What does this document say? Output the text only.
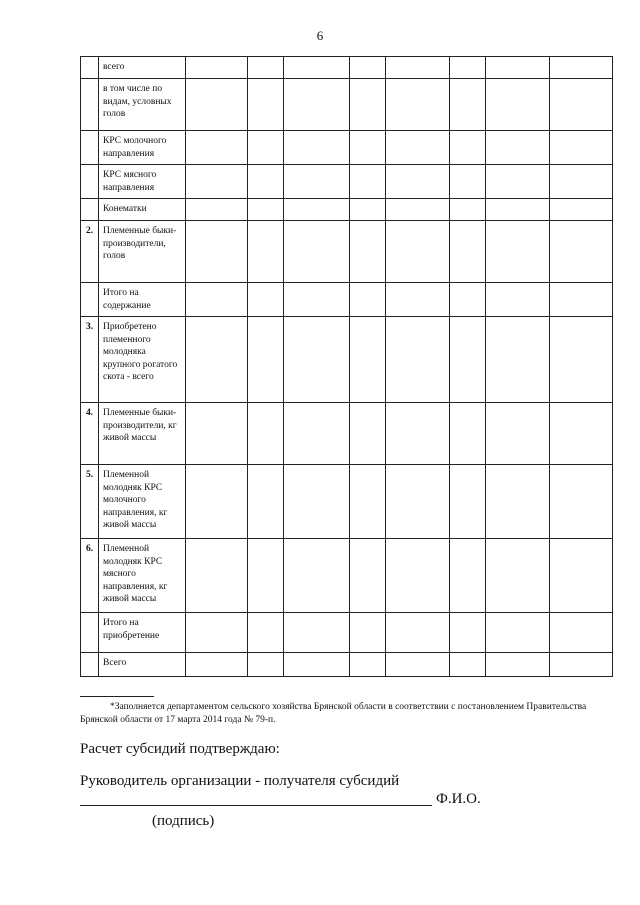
6
	всего								
	в том числе по видам, условных голов								
	КРС молочного направления								
	КРС мясного направления								
	Конематки								
2.	Племенные быки-производители, голов								
	Итого на содержание								
3.	Приобретено племенного молодняка крупного рогатого скота - всего								
4.	Племенные быки-производители, кг живой массы								
5.	Племенной молодняк КРС молочного направления, кг живой массы								
6.	Племенной молодняк КРС мясного направления, кг живой массы								
	Итого на приобретение								
	Всего								
*Заполняется департаментом сельского хозяйства Брянской области в соответствии с постановлением Правительства Брянской области от 17 марта 2014 года № 79-п.
Расчет субсидий подтверждаю:
Руководитель организации - получателя субсидий
Ф.И.О.
(подпись)
